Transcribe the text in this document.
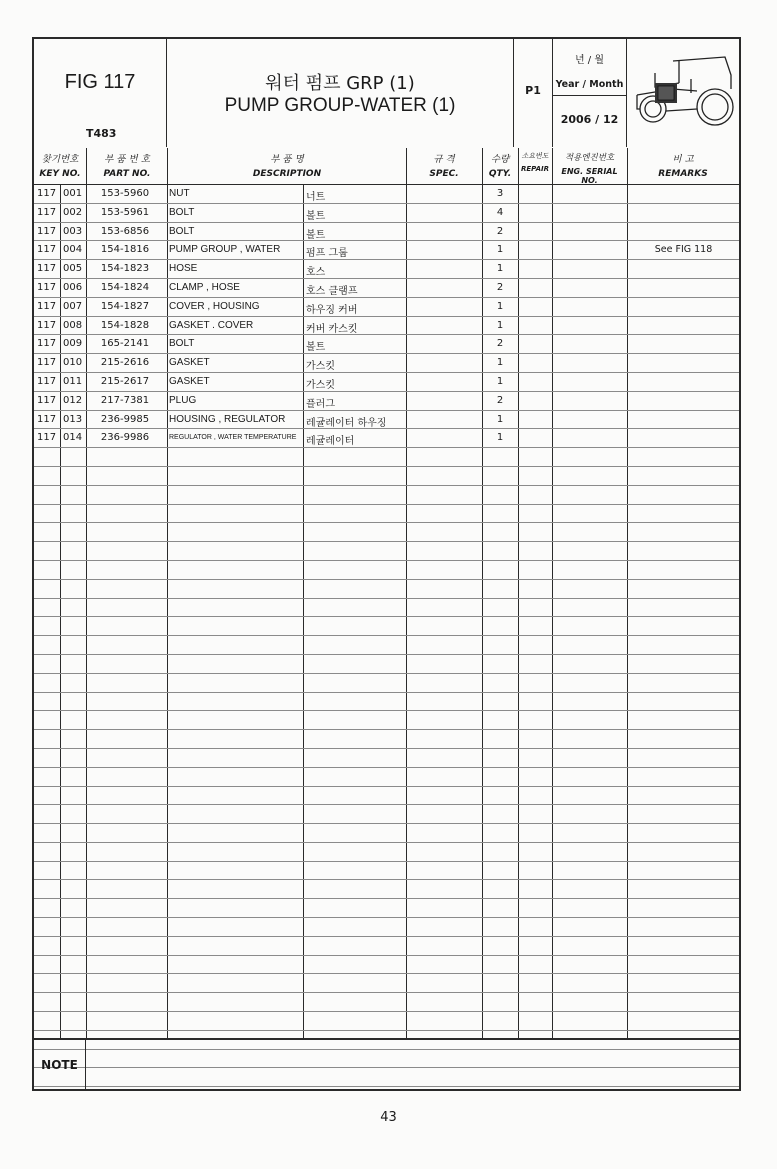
FIG 117
T483
워터 펌프 GRP (1)
PUMP GROUP-WATER (1)
P1
년 / 월
Year / Month
2006 / 12
찾기번호
KEY NO.
부 품 번 호
PART NO.
부 품 명
DESCRIPTION
규 격
SPEC.
수량
QTY.
소요번도
REPAIR
적용엔진번호
ENG. SERIAL NO.
비 고
REMARKS
117 001	153-5960	NUT	너트	3
117 002	153-5961	BOLT	볼트	4
117 003	153-6856	BOLT	볼트	2
117 004	154-1816	PUMP GROUP , WATER	펌프 그룹	1	See FIG 118
117 005	154-1823	HOSE	호스	1
117 006	154-1824	CLAMP , HOSE	호스 클램프	2
117 007	154-1827	COVER , HOUSING	하우징 커버	1
117 008	154-1828	GASKET . COVER	커버 카스킷	1
117 009	165-2141	BOLT	볼트	2
117 010	215-2616	GASKET	가스킷	1
117 011	215-2617	GASKET	가스킷	1
117 012	217-7381	PLUG	플러그	2
117 013	236-9985	HOUSING , REGULATOR 레귤레이터 하우징	1
117 014	236-9986	REGULATOR , WATER TEMPERATURE 레귤레이터	1
NOTE
43
